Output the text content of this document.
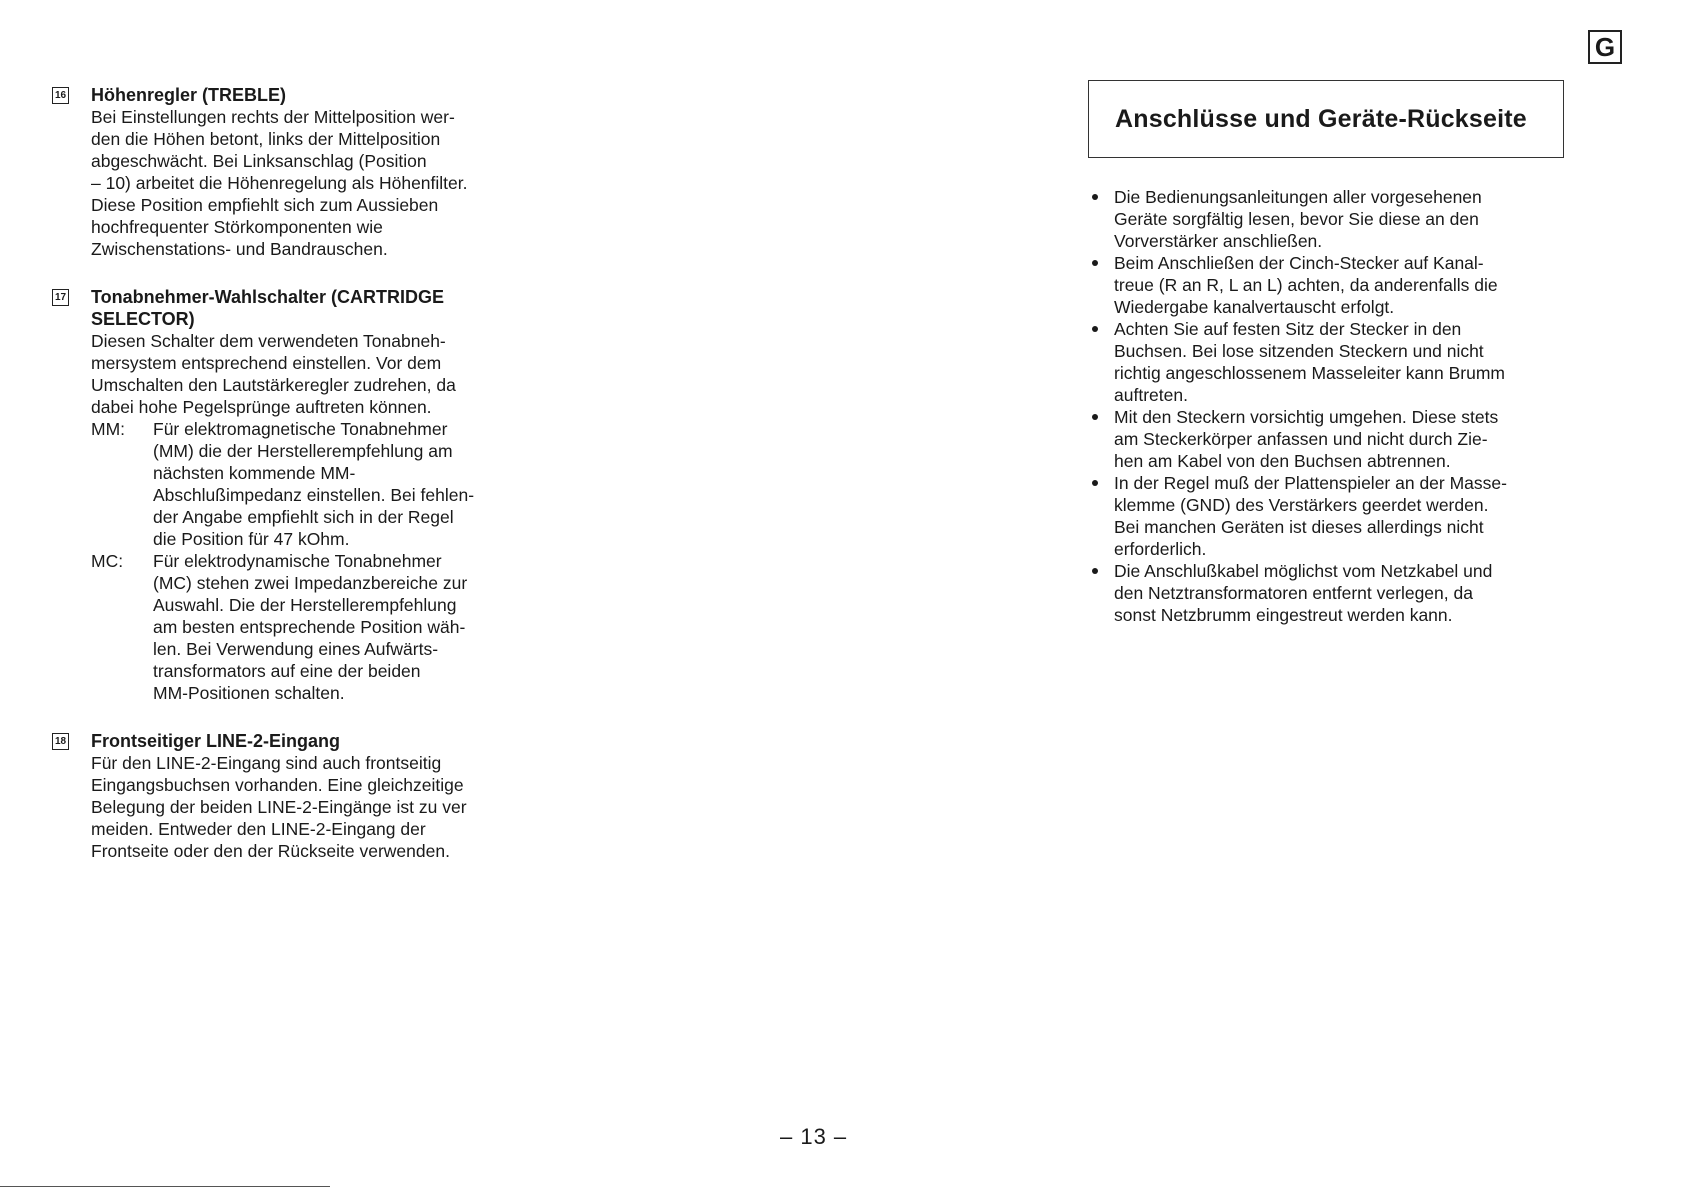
G
16 Höhenregler (TREBLE)
Bei Einstellungen rechts der Mittelposition wer-
den die Höhen betont, links der Mittelposition
abgeschwächt. Bei Linksanschlag (Position
– 10) arbeitet die Höhenregelung als Höhenfilter.
Diese Position empfiehlt sich zum Aussieben
hochfrequenter Störkomponenten wie
Zwischenstations- und Bandrauschen.
17 Tonabnehmer-Wahlschalter (CARTRIDGE
SELECTOR)
Diesen Schalter dem verwendeten Tonabneh-
mersystem entsprechend einstellen. Vor dem
Umschalten den Lautstärkeregler zudrehen, da
dabei hohe Pegelsprünge auftreten können.
MM:	Für elektromagnetische Tonabnehmer
(MM) die der Herstellerempfehlung am
nächsten kommende MM-
Abschlußimpedanz einstellen. Bei fehlen-
der Angabe empfiehlt sich in der Regel
die Position für 47 kOhm.
MC:	Für elektrodynamische Tonabnehmer
(MC) stehen zwei Impedanzbereiche zur
Auswahl. Die der Herstellerempfehlung
am besten entsprechende Position wäh-
len. Bei Verwendung eines Aufwärts-
transformators auf eine der beiden
MM-Positionen schalten.
18 Frontseitiger LINE-2-Eingang
Für den LINE-2-Eingang sind auch frontseitig
Eingangsbuchsen vorhanden. Eine gleichzeitige
Belegung der beiden LINE-2-Eingänge ist zu ver
meiden. Entweder den LINE-2-Eingang der
Frontseite oder den der Rückseite verwenden.
Anschlüsse und Geräte-Rückseite
Die Bedienungsanleitungen aller vorgesehenen
Geräte sorgfältig lesen, bevor Sie diese an den
Vorverstärker anschließen.
Beim Anschließen der Cinch-Stecker auf Kanal-
treue (R an R, L an L) achten, da anderenfalls die
Wiedergabe kanalvertauscht erfolgt.
Achten Sie auf festen Sitz der Stecker in den
Buchsen. Bei lose sitzenden Steckern und nicht
richtig angeschlossenem Masseleiter kann Brumm
auftreten.
Mit den Steckern vorsichtig umgehen. Diese stets
am Steckerkörper anfassen und nicht durch Zie-
hen am Kabel von den Buchsen abtrennen.
In der Regel muß der Plattenspieler an der Masse-
klemme (GND) des Verstärkers geerdet werden.
Bei manchen Geräten ist dieses allerdings nicht
erforderlich.
Die Anschlußkabel möglichst vom Netzkabel und
den Netztransformatoren entfernt verlegen, da
sonst Netzbrumm eingestreut werden kann.
– 13 –
